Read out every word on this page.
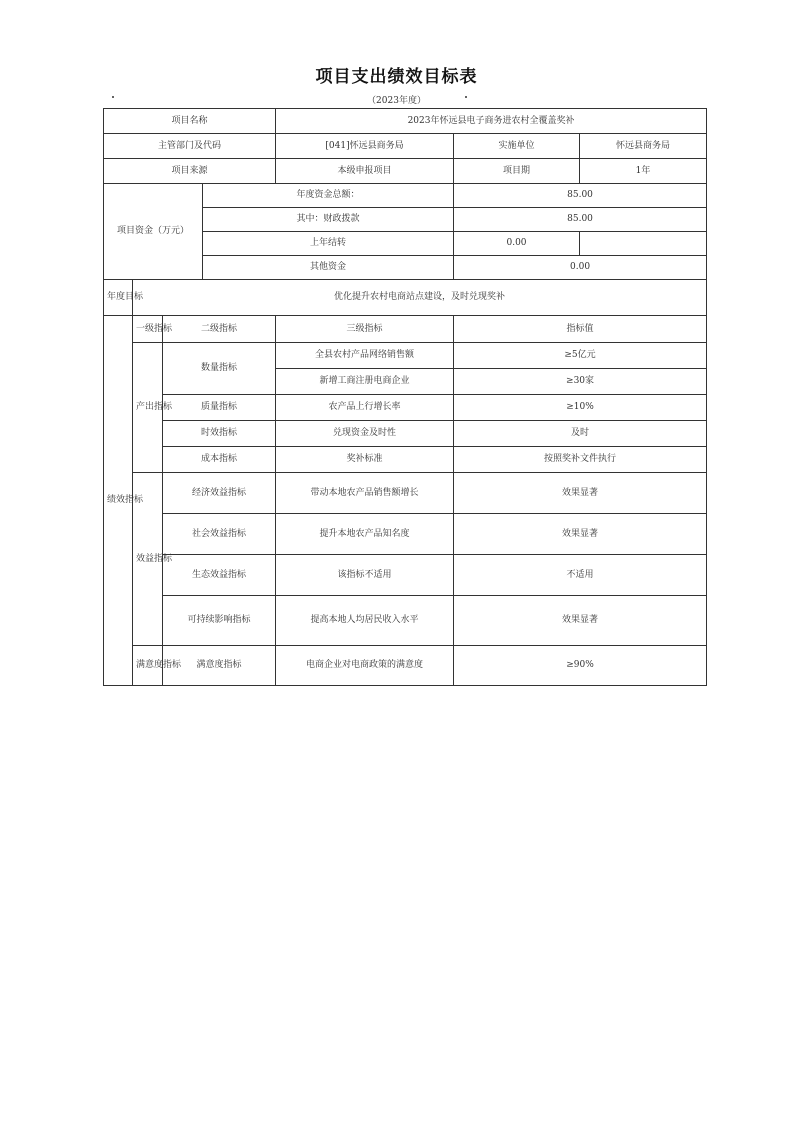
项目支出绩效目标表
（2023年度）
项目名称				2023年怀远县电子商务进农村全覆盖奖补		
主管部门及代码				[041]怀远县商务局	实施单位	怀远县商务局
项目来源				本级申报项目	项目期	1年
项目资金（万元）			年度资金总额：		85.00	
			其中：财政拨款		85.00	
			上年结转		0.00	
			其他资金		0.00	
年度目标	优化提升农村电商站点建设，及时兑现奖补					
绩效指标	一级指标	二级指标		三级指标	指标值	
	产出指标	数量指标		全县农村产品网络销售额	≥5亿元	
				新增工商注册电商企业	≥30家	
		质量指标		农产品上行增长率	≥10%	
		时效指标		兑现资金及时性	及时	
		成本指标		奖补标准	按照奖补文件执行	
	效益指标	经济效益指标		带动本地农产品销售额增长	效果显著	
		社会效益指标		提升本地农产品知名度	效果显著	
		生态效益指标		该指标不适用	不适用	
		可持续影响指标		提高本地人均居民收入水平	效果显著	
	满意度指标	满意度指标		电商企业对电商政策的满意度	≥90%	
